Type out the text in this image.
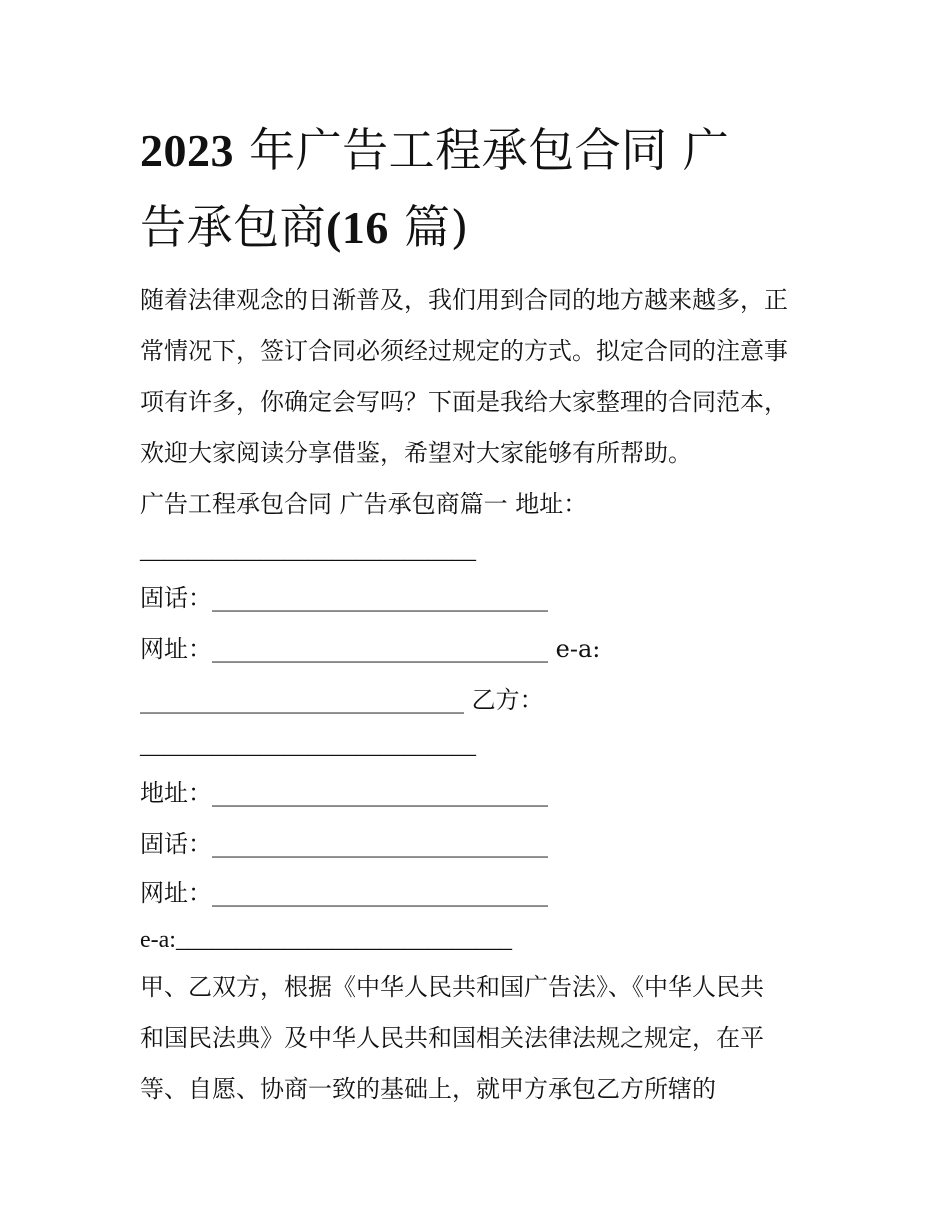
2023 年广告工程承包合同 广
告承包商(16 篇)
随着法律观念的日渐普及，我们用到合同的地方越来越多，正
常情况下，签订合同必须经过规定的方式。拟定合同的注意事
项有许多，你确定会写吗？下面是我给大家整理的合同范本，
欢迎大家阅读分享借鉴，希望对大家能够有所帮助。
广告工程承包合同 广告承包商篇一 地址：
____________________________
固话：____________________________
网址：____________________________ e-a:
___________________________ 乙方：
____________________________
地址：____________________________
固话：____________________________
网址：____________________________
e-a:____________________________
甲、乙双方，根据《中华人民共和国广告法》、《中华人民共
和国民法典》及中华人民共和国相关法律法规之规定，在平
等、自愿、协商一致的基础上，就甲方承包乙方所辖的
